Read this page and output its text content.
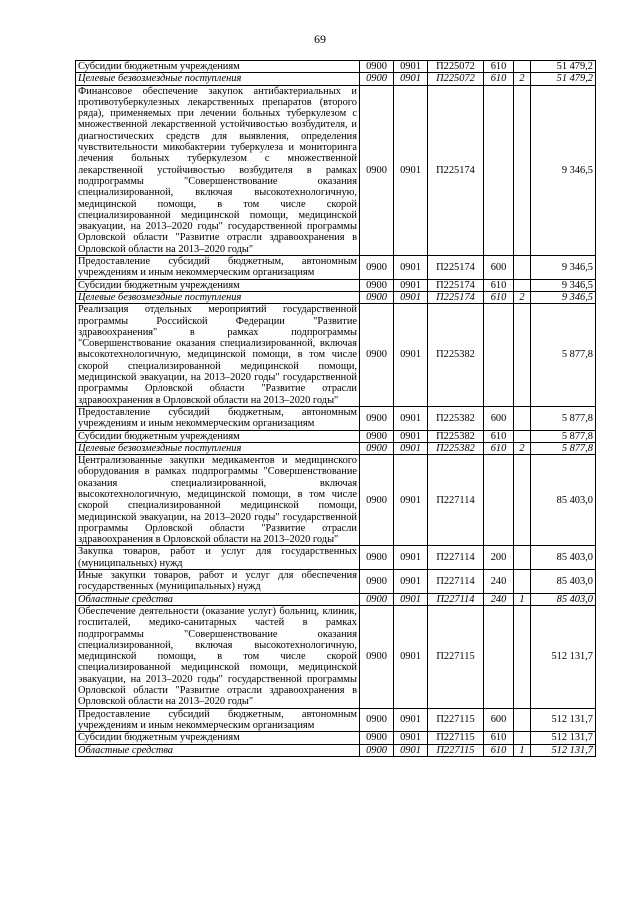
69
Субсидии бюджетным учреждениям	0900	0901	П225072	610		51 479,2
Целевые безвозмездные поступления	0900	0901	П225072	610	2	51 479,2
Финансовое обеспечение закупок антибактериальных и противотуберкулезных лекарственных препаратов (второго ряда), применяемых при лечении больных туберкулезом с множественной лекарственной устойчивостью возбудителя, и диагностических средств для выявления, определения чувствительности микобактерии туберкулеза и мониторинга лечения больных туберкулезом с множественной лекарственной устойчивостью возбудителя в рамках подпрограммы "Совершенствование оказания специализированной, включая высокотехнологичную, медицинской помощи, в том числе скорой специализированной медицинской помощи, медицинской эвакуации, на 2013–2020 годы" государственной программы Орловской области "Развитие отрасли здравоохранения в Орловской области на 2013–2020 годы"	0900	0901	П225174			9 346,5
Предоставление субсидий бюджетным, автономным учреждениям и иным некоммерческим организациям	0900	0901	П225174	600		9 346,5
Субсидии бюджетным учреждениям	0900	0901	П225174	610		9 346,5
Целевые безвозмездные поступления	0900	0901	П225174	610	2	9 346,5
Реализация отдельных мероприятий государственной программы Российской Федерации "Развитие здравоохранения" в рамках подпрограммы "Совершенствование оказания специализированной, включая высокотехнологичную, медицинской помощи, в том числе скорой специализированной медицинской помощи, медицинской эвакуации, на 2013–2020 годы" государственной программы Орловской области "Развитие отрасли здравоохранения в Орловской области на 2013–2020 годы"	0900	0901	П225382			5 877,8
Предоставление субсидий бюджетным, автономным учреждениям и иным некоммерческим организациям	0900	0901	П225382	600		5 877,8
Субсидии бюджетным учреждениям	0900	0901	П225382	610		5 877,8
Целевые безвозмездные поступления	0900	0901	П225382	610	2	5 877,8
Централизованные закупки медикаментов и медицинского оборудования в рамках подпрограммы "Совершенствование оказания специализированной, включая высокотехнологичную, медицинской помощи, в том числе скорой специализированной медицинской помощи, медицинской эвакуации, на 2013–2020 годы" государственной программы Орловской области "Развитие отрасли здравоохранения в Орловской области на 2013–2020 годы"	0900	0901	П227114			85 403,0
Закупка товаров, работ и услуг для государственных (муниципальных) нужд	0900	0901	П227114	200		85 403,0
Иные закупки товаров, работ и услуг для обеспечения государственных (муниципальных) нужд	0900	0901	П227114	240		85 403,0
Областные средства	0900	0901	П227114	240	1	85 403,0
Обеспечение деятельности (оказание услуг) больниц, клиник, госпиталей, медико-санитарных частей в рамках подпрограммы "Совершенствование оказания специализированной, включая высокотехнологичную, медицинской помощи, в том числе скорой специализированной медицинской помощи, медицинской эвакуации, на 2013–2020 годы" государственной программы Орловской области "Развитие отрасли здравоохранения в Орловской области на 2013–2020 годы"	0900	0901	П227115			512 131,7
Предоставление субсидий бюджетным, автономным учреждениям и иным некоммерческим организациям	0900	0901	П227115	600		512 131,7
Субсидии бюджетным учреждениям	0900	0901	П227115	610		512 131,7
Областные средства	0900	0901	П227115	610	1	512 131,7
